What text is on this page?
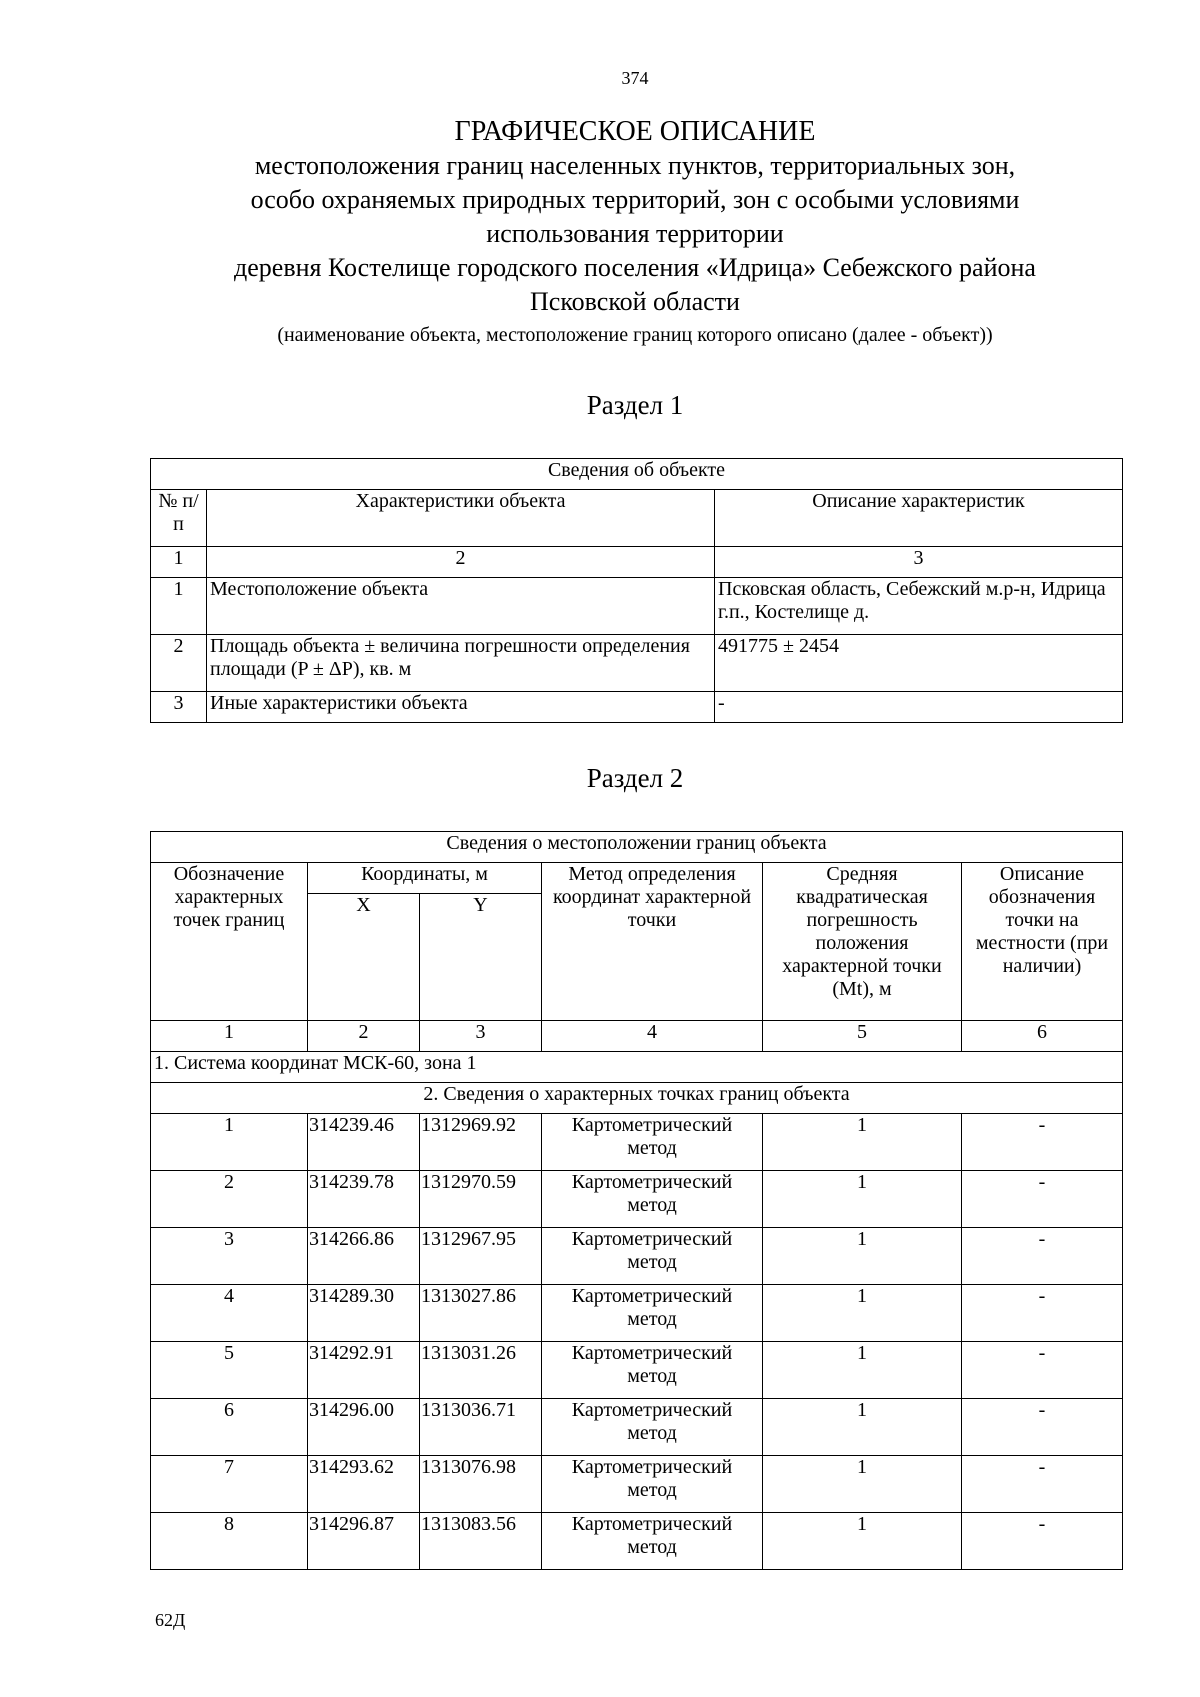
374
ГРАФИЧЕСКОЕ ОПИСАНИЕ
местоположения границ населенных пунктов, территориальных зон,
особо охраняемых природных территорий, зон с особыми условиями
использования территории
деревня Костелище городского поселения «Идрица» Себежского района
Псковской области
(наименование объекта, местоположение границ которого описано (далее - объект))
Раздел 1
Сведения об объекте		
№ п/п	Характеристики объекта	Описание характеристик
1	2	3
1	Местоположение объекта	Псковская область, Себежский м.р-н, Идрица г.п., Костелище д.
2	Площадь объекта ± величина погрешности определения площади (P ± ΔP), кв. м	491775 ± 2454
3	Иные характеристики объекта	-
Раздел 2
Сведения о местоположении границ объекта					
Обозначение характерных точек границ	Координаты, м		Метод определения координат характерной точки	Средняя квадратическая погрешность положения характерной точки (Mt), м	Описание обозначения точки на местности (при наличии)
	X	Y			
1	2	3	4	5	6
1. Система координат МСК-60, зона 1					
2. Сведения о характерных точках границ объекта					
1	314239.46	1312969.92	Картометрический метод	1	-
2	314239.78	1312970.59	Картометрический метод	1	-
3	314266.86	1312967.95	Картометрический метод	1	-
4	314289.30	1313027.86	Картометрический метод	1	-
5	314292.91	1313031.26	Картометрический метод	1	-
6	314296.00	1313036.71	Картометрический метод	1	-
7	314293.62	1313076.98	Картометрический метод	1	-
8	314296.87	1313083.56	Картометрический метод	1	-
62Д
